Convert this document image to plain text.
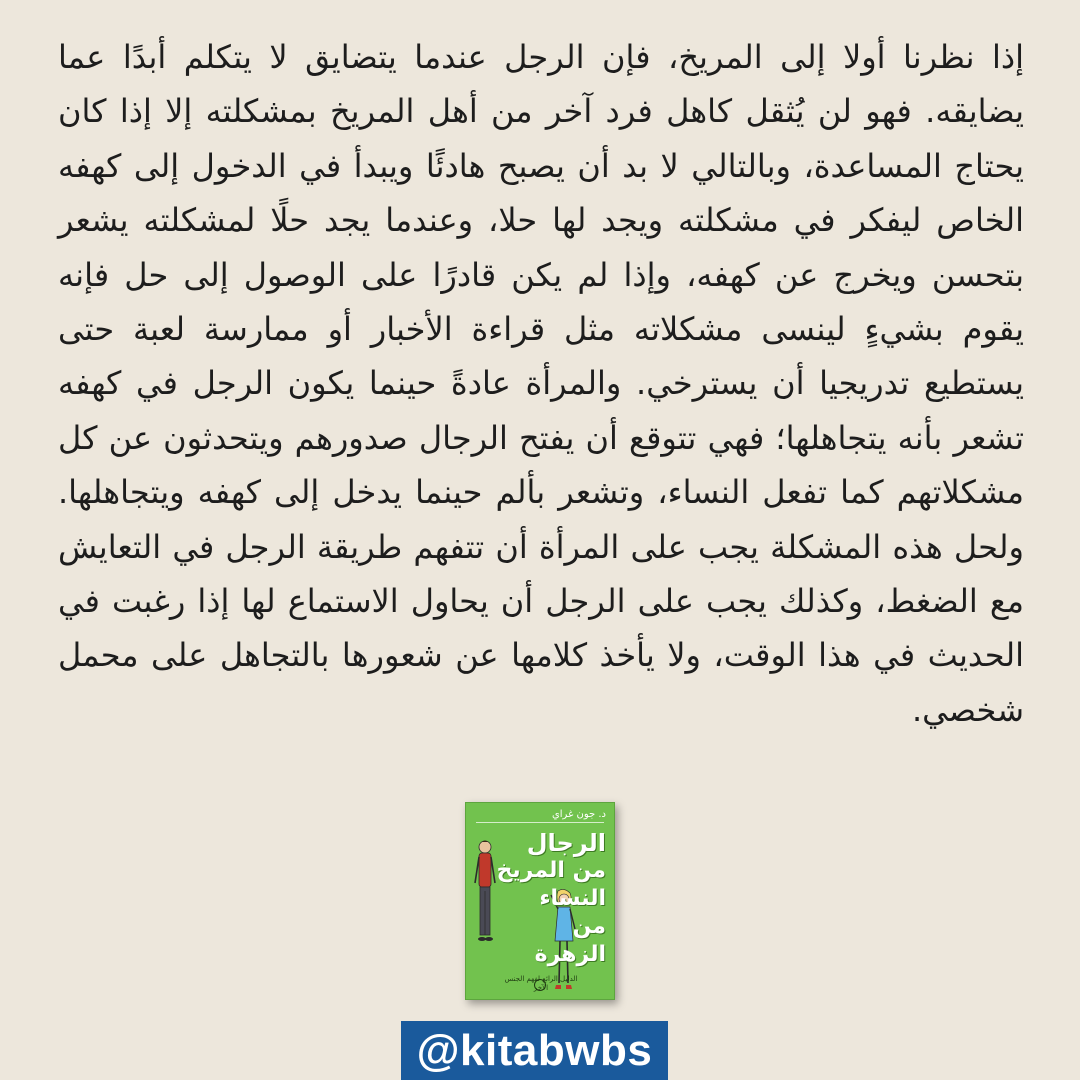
إذا نظرنا أولا إلى المريخ، فإن الرجل عندما يتضايق لا يتكلم أبدًا عما يضايقه. فهو لن يُثقل كاهل فرد آخر من أهل المريخ بمشكلته إلا إذا كان يحتاج المساعدة، وبالتالي لا بد أن يصبح هادئًا ويبدأ في الدخول إلى كهفه الخاص ليفكر في مشكلته ويجد لها حلا، وعندما يجد حلًا لمشكلته يشعر بتحسن ويخرج عن كهفه، وإذا لم يكن قادرًا على الوصول إلى حل فإنه يقوم بشيءٍ لينسى مشكلاته مثل قراءة الأخبار أو ممارسة لعبة حتى يستطيع تدريجيا أن يسترخي. والمرأة عادةً حينما يكون الرجل في كهفه تشعر بأنه يتجاهلها؛ فهي تتوقع أن يفتح الرجال صدورهم ويتحدثون عن كل مشكلاتهم كما تفعل النساء، وتشعر بألم حينما يدخل إلى كهفه ويتجاهلها. ولحل هذه المشكلة يجب على المرأة أن تتفهم طريقة الرجل في التعايش مع الضغط، وكذلك يجب على الرجل أن يحاول الاستماع لها إذا رغبت في الحديث في هذا الوقت، ولا يأخذ كلامها عن شعورها بالتجاهل على محمل شخصي.

د. جون غراي
الرجال
من المريخ
النساء
من الزهرة
الدليل الرائع لفهم الجنس الآخر
@kitabwbs
